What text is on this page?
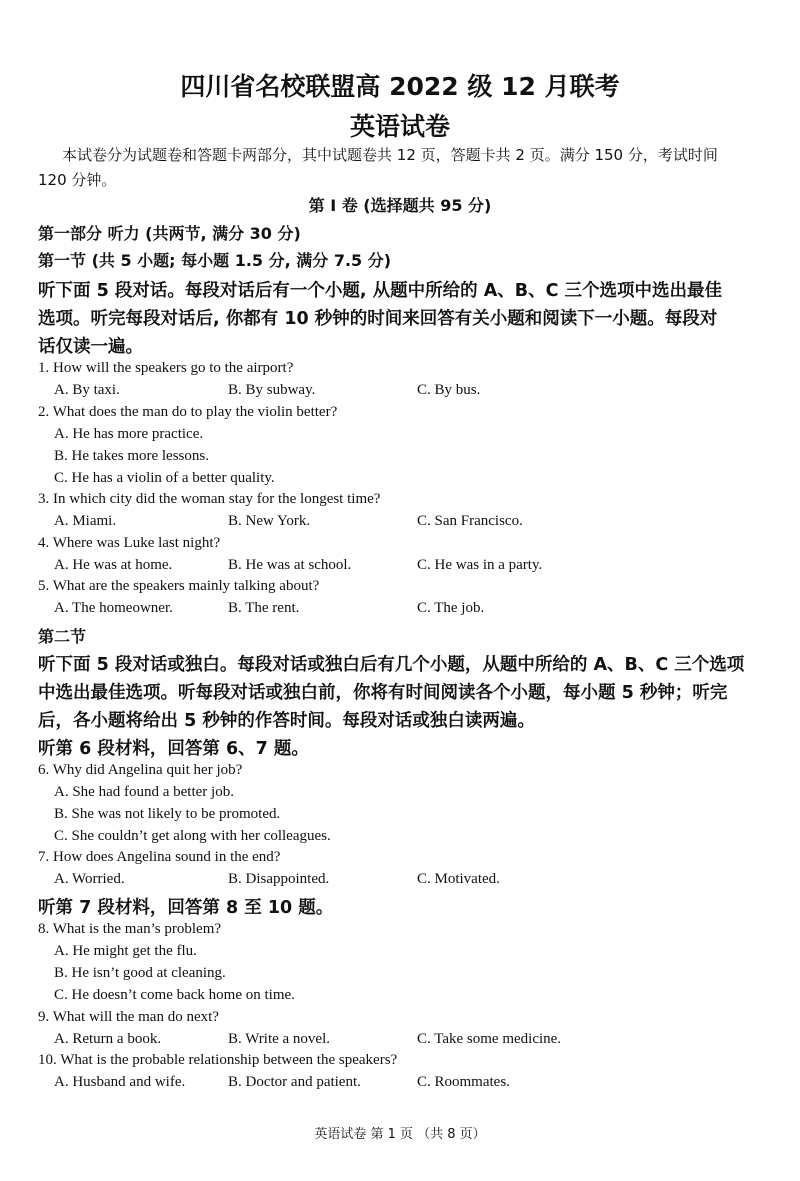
四川省名校联盟高 2022 级 12 月联考
英语试卷
本试卷分为试题卷和答题卡两部分，其中试题卷共 12 页，答题卡共 2 页。满分 150 分，考试时间
120 分钟。
第 I 卷 (选择题共 95 分)
第一部分 听力 (共两节, 满分 30 分)
第一节 (共 5 小题; 每小题 1.5 分, 满分 7.5 分)
听下面 5 段对话。每段对话后有一个小题, 从题中所给的 A、B、C 三个选项中选出最佳
选项。听完每段对话后, 你都有 10 秒钟的时间来回答有关小题和阅读下一小题。每段对
话仅读一遍。
1. How will the speakers go to the airport?
A. By taxi.	B. By subway.	C. By bus.
2. What does the man do to play the violin better?
A. He has more practice.
B. He takes more lessons.
C. He has a violin of a better quality.
3. In which city did the woman stay for the longest time?
A. Miami.	B. New York.	C. San Francisco.
4. Where was Luke last night?
A. He was at home.	B. He was at school.	C. He was in a party.
5. What are the speakers mainly talking about?
A. The homeowner.	B. The rent.	C. The job.
第二节
听下面 5 段对话或独白。每段对话或独白后有几个小题，从题中所给的 A、B、C 三个选项
中选出最佳选项。听每段对话或独白前，你将有时间阅读各个小题，每小题 5 秒钟；听完
后，各小题将给出 5 秒钟的作答时间。每段对话或独白读两遍。
听第 6 段材料，回答第 6、7 题。
6. Why did Angelina quit her job?
A. She had found a better job.
B. She was not likely to be promoted.
C. She couldn’t get along with her colleagues.
7. How does Angelina sound in the end?
A. Worried.	B. Disappointed.	C. Motivated.
听第 7 段材料，回答第 8 至 10 题。
8. What is the man’s problem?
A. He might get the flu.
B. He isn’t good at cleaning.
C. He doesn’t come back home on time.
9. What will the man do next?
A. Return a book.	B. Write a novel.	C. Take some medicine.
10. What is the probable relationship between the speakers?
A. Husband and wife.	B. Doctor and patient.	C. Roommates.
英语试卷 第 1 页 （共 8 页）
